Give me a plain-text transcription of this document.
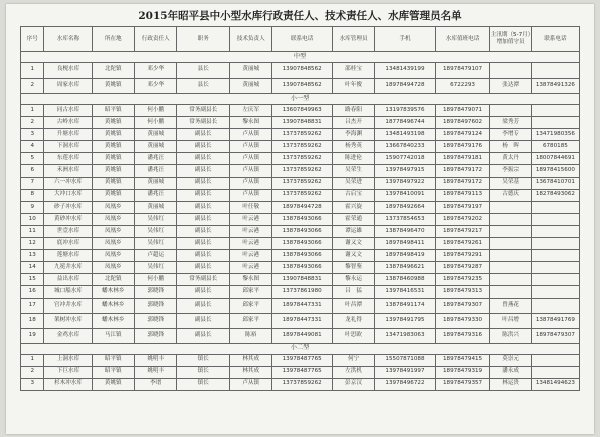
2015年昭平县中小型水库行政责任人、技术责任人、水库管理员名单
序号	水库名称	所在地	行政责任人	职务	技术负责人	联系电话	水库管理员	手机	水库值班电话	主汛期（5-7月）增加值守员	联系电话
中型											
1	良枧水库	北陀镇	邓少华	县长	黄丽城	13907848562	邵桂宝	13481439199	18978479107		
2	周家水库	黄姚镇	邓少华	县长	黄丽城	13907848562	叶年俊	18978494728	6722293	张达潭	13878491326
小一型											
1	同古水库	昭平镇	何小鹏	常务副县长	左庆军	13607849963	路春阳	13197839576	18978479071		
2	古岭水库	黄姚镇	何小鹏	常务副县长	黎永图	13907848831	吕杰开	18778496744	18978497602	梁秀芳	
3	升塘水库	黄姚镇	黄丽城	副县长	卢从镇	13737859262	李海渊	13481493198	18978479124	李增专	13471980356
4	下洞水库	黄姚镇	黄丽城	副县长	卢从镇	13737859262	杨秀英	13667840233	18978479176	杨　晖	6780185
5	东莲水库	黄姚镇	潘兆汪	副县长	卢从镇	13737859262	陈进伦	15907742018	18978479181	黄太丹	18007844691
6	禾洲水库	黄姚镇	潘兆汪	副县长	卢从镇	13737859262	吴荣生	13978497915	18978479172	李振宗	18978415600
7	六一冲水库	黄姚镇	黄丽城	副县长	卢从镇	13737859262	吴荣进	13978497922	18978479172	吴荣基	13678410701
8	大冲口水库	黄姚镇	潘兆汪	副县长	卢从镇	13737859262	古启宝	13978410091	18978479113	古德庆	18278493062
9	砂子冲水库	凤凰乡	黄丽城	副县长	叶任敬	18978494728	霍兴旋	18978492664	18978479197		
10	黄砂冲水库	凤凰乡	吴伟红	副县长	叶云港	13878493066	霍荣通	13737854653	18978479202		
11	世壹水库	凤凰乡	吴伟红	副县长	叶云港	13878493066	谭运雄	13878496470	18978479217		
12	底冲水库	凤凰乡	吴伟红	副县长	叶云港	13878493066	谢又文	18978498411	18978479261		
13	莲塘水库	凤凰乡	卢超运	副县长	叶云港	13878493066	谢又文	18978498419	18978479291		
14	九冕井水库	凤凰乡	吴伟红	副县长	叶云港	13878493066	黎智鉴	13878496621	18978479287		
15	益出水库	北陀镇	何小鹏	常务副县长	黎永图	13907848831	黎永运	13878460988	18978479235		
16	城口船水库	蟠木林乡	郭晓锋	副县长	邱家平	13737861980	吕　猛	13978416531	18978479313		
17	官冲井水库	蟠木林乡	郭晓锋	副县长	邱家平	18978447331	叶昌潭	13878491174	18978479307	曾燕花	
18	架树冲水库	蟠木林乡	郭晓锋	副县长	邱家平	18978447331	龙礼得	13978491795	18978479330	叶昌增	13878491769
19	金鸡水库	马江镇	郭晓锋	副县长	陈裕	18978449081	叶思欧	13471983063	18978479316	陈洪兴	18978479307
小二型											
1	上洞水库	昭平镇	姚明丰	镇长	林其成	13978487765	何宁	15507871088	18978479415	莫崇元	
2	下巨水库	昭平镇	姚明丰	镇长	林其成	13978487765	左洪机	13978491997	18978479319	潘永成	
3	杉木冲水库	黄姚镇	李谱	镇长	卢从镇	13737859262	彭京汉	13978496722	18978479357	林运贵	13481494623
